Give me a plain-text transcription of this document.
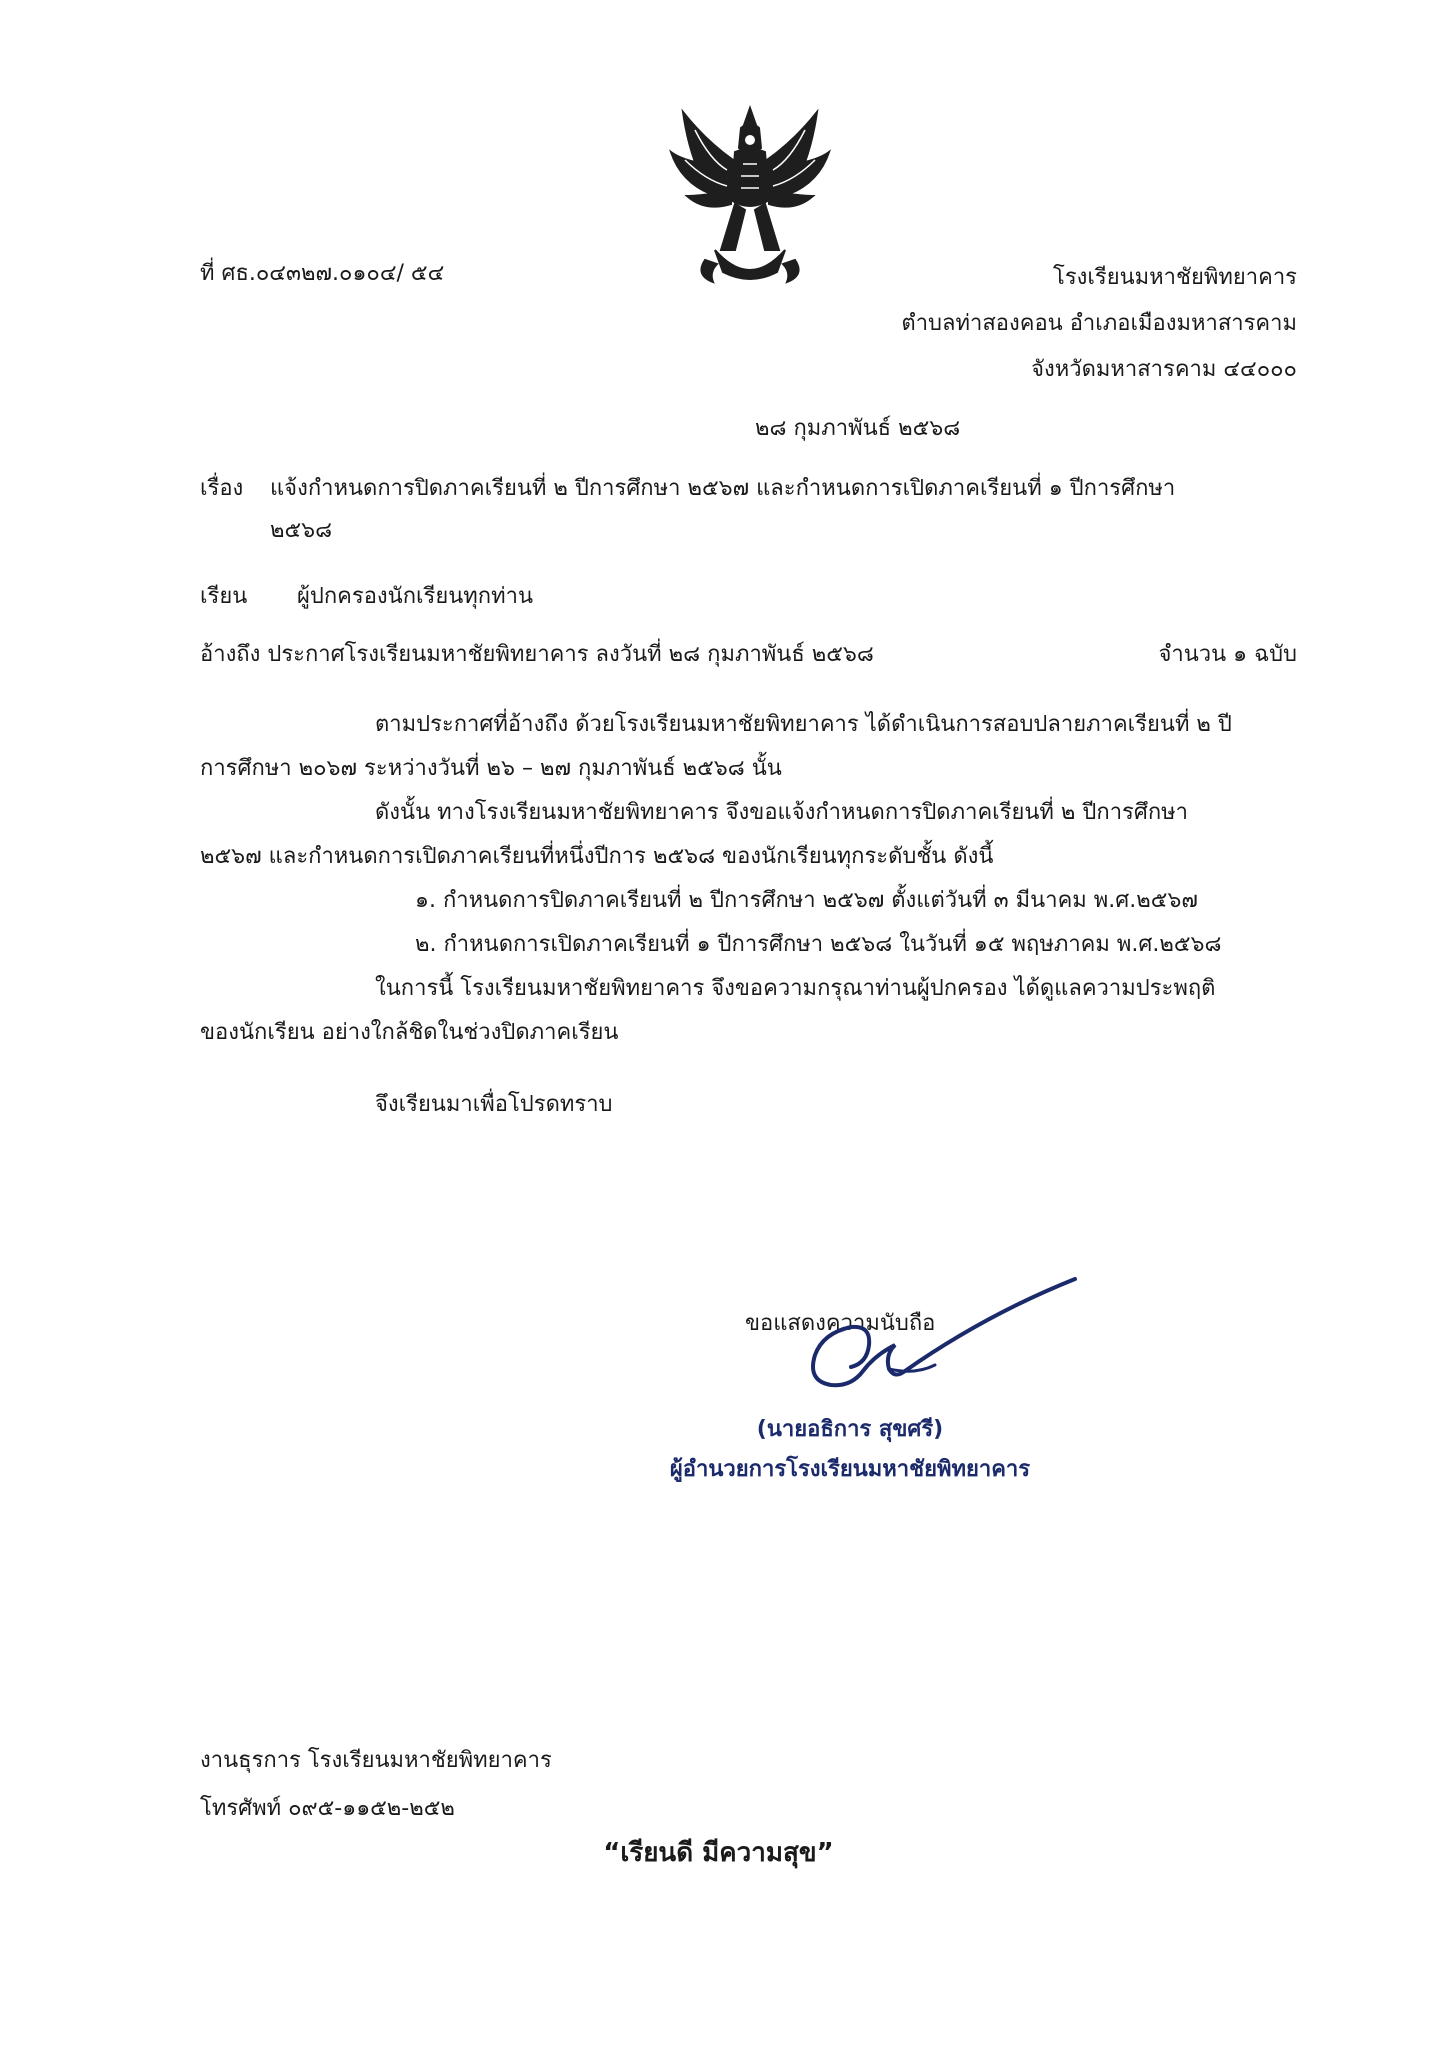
ที่ ศธ.๐๔๓๒๗.๐๑๐๔/ ๕๔	โรงเรียนมหาชัยพิทยาคาร
ตำบลท่าสองคอน อำเภอเมืองมหาสารคาม
จังหวัดมหาสารคาม ๔๔๐๐๐
๒๘ กุมภาพันธ์ ๒๕๖๘
เรื่อง แจ้งกำหนดการปิดภาคเรียนที่ ๒ ปีการศึกษา ๒๕๖๗ และกำหนดการเปิดภาคเรียนที่ ๑ ปีการศึกษา
๒๕๖๘
เรียน ผู้ปกครองนักเรียนทุกท่าน
อ้างถึง ประกาศโรงเรียนมหาชัยพิทยาคาร ลงวันที่ ๒๘ กุมภาพันธ์ ๒๕๖๘	จำนวน ๑ ฉบับ
ตามประกาศที่อ้างถึง ด้วยโรงเรียนมหาชัยพิทยาคาร ได้ดำเนินการสอบปลายภาคเรียนที่ ๒ ปี
การศึกษา ๒๐๖๗ ระหว่างวันที่ ๒๖ – ๒๗ กุมภาพันธ์ ๒๕๖๘ นั้น
ดังนั้น ทางโรงเรียนมหาชัยพิทยาคาร จึงขอแจ้งกำหนดการปิดภาคเรียนที่ ๒ ปีการศึกษา
๒๕๖๗ และกำหนดการเปิดภาคเรียนที่หนึ่งปีการ ๒๕๖๘ ของนักเรียนทุกระดับชั้น ดังนี้
๑. กำหนดการปิดภาคเรียนที่ ๒ ปีการศึกษา ๒๕๖๗ ตั้งแต่วันที่ ๓ มีนาคม พ.ศ.๒๕๖๗
๒. กำหนดการเปิดภาคเรียนที่ ๑ ปีการศึกษา ๒๕๖๘ ในวันที่ ๑๕ พฤษภาคม พ.ศ.๒๕๖๘
ในการนี้ โรงเรียนมหาชัยพิทยาคาร จึงขอความกรุณาท่านผู้ปกครอง ได้ดูแลความประพฤติ
ของนักเรียน อย่างใกล้ชิดในช่วงปิดภาคเรียน
จึงเรียนมาเพื่อโปรดทราบ
ขอแสดงความนับถือ
(นายอธิการ สุขศรี)
ผู้อำนวยการโรงเรียนมหาชัยพิทยาคาร
งานธุรการ โรงเรียนมหาชัยพิทยาคาร
โทรศัพท์ ๐๙๕-๑๑๕๒-๒๕๒
“เรียนดี มีความสุข”
